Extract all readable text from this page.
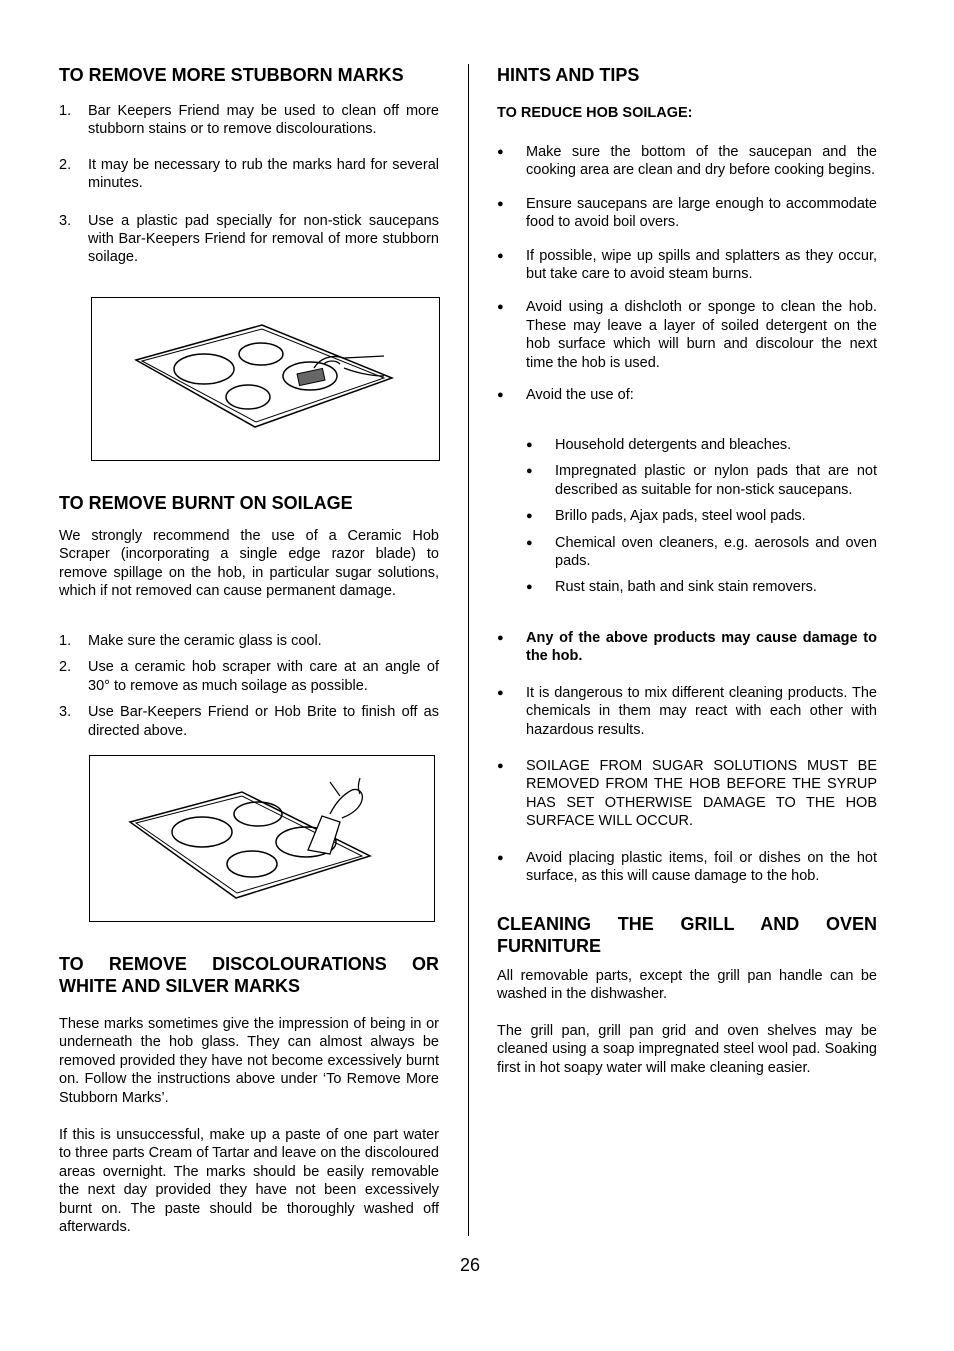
TO REMOVE MORE STUBBORN MARKS
1. Bar Keepers Friend may be used to clean off more stubborn stains or to remove discolourations.
2. It may be necessary to rub the marks hard for several minutes.
3. Use a plastic pad specially for non-stick saucepans with Bar-Keepers Friend for removal of more stubborn soilage.
TO REMOVE BURNT ON SOILAGE

We strongly recommend the use of a Ceramic Hob Scraper (incorporating a single edge razor blade) to remove spillage on the hob, in particular sugar solutions, which if not removed can cause permanent damage.

1. Make sure the ceramic glass is cool.
2. Use a ceramic hob scraper with care at an angle of 30° to remove as much soilage as possible.
3. Use Bar-Keepers Friend or Hob Brite to finish off as directed above.
TO REMOVE DISCOLOURATIONS OR WHITE AND SILVER MARKS

These marks sometimes give the impression of being in or underneath the hob glass. They can almost always be removed provided they have not become excessively burnt on. Follow the instructions above under ‘To Remove More Stubborn Marks’.

If this is unsuccessful, make up a paste of one part water to three parts Cream of Tartar and leave on the discoloured areas overnight. The marks should be easily removable the next day provided they have not been excessively burnt on. The paste should be thoroughly washed off afterwards.

HINTS AND TIPS
TO REDUCE HOB SOILAGE:
● Make sure the bottom of the saucepan and the cooking area are clean and dry before cooking begins.
● Ensure saucepans are large enough to accommodate food to avoid boil overs.
● If possible, wipe up spills and splatters as they occur, but take care to avoid steam burns.
● Avoid using a dishcloth or sponge to clean the hob. These may leave a layer of soiled detergent on the hob surface which will burn and discolour the next time the hob is used.
● Avoid the use of:
● Household detergents and bleaches.
● Impregnated plastic or nylon pads that are not described as suitable for non-stick saucepans.
● Brillo pads, Ajax pads, steel wool pads.
● Chemical oven cleaners, e.g. aerosols and oven pads.
● Rust stain, bath and sink stain removers.
● Any of the above products may cause damage to the hob.
● It is dangerous to mix different cleaning products. The chemicals in them may react with each other with hazardous results.
● SOILAGE FROM SUGAR SOLUTIONS MUST BE REMOVED FROM THE HOB BEFORE THE SYRUP HAS SET OTHERWISE DAMAGE TO THE HOB SURFACE WILL OCCUR.
● Avoid placing plastic items, foil or dishes on the hot surface, as this will cause damage to the hob.
CLEANING THE GRILL AND OVEN FURNITURE

All removable parts, except the grill pan handle can be washed in the dishwasher.

The grill pan, grill pan grid and oven shelves may be cleaned using a soap impregnated steel wool pad. Soaking first in hot soapy water will make cleaning easier.

26
